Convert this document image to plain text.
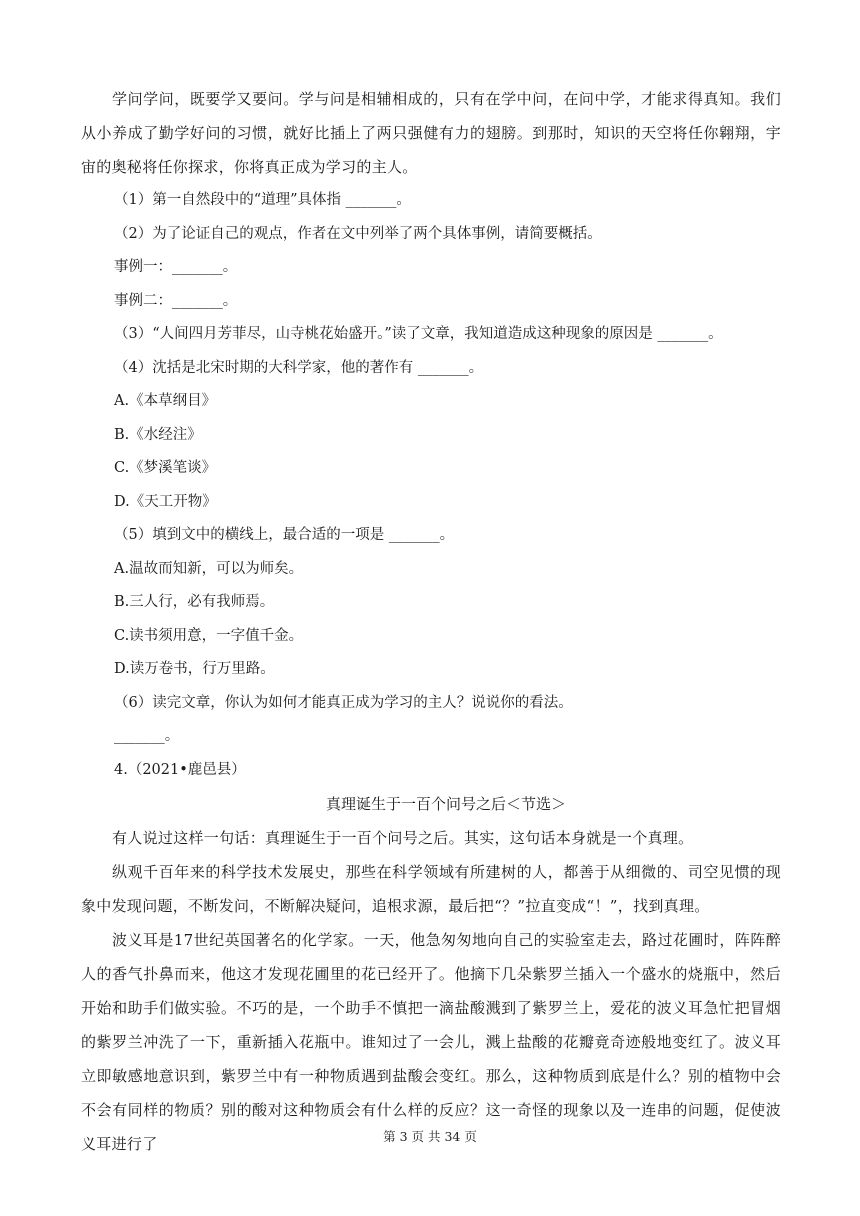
学问学问，既要学又要问。学与问是相辅相成的，只有在学中问，在问中学，才能求得真知。我们从小养成了勤学好问的习惯，就好比插上了两只强健有力的翅膀。到那时，知识的天空将任你翱翔，宇宙的奥秘将任你探求，你将真正成为学习的主人。

（1）第一自然段中的“道理”具体指 _______。

（2）为了论证自己的观点，作者在文中列举了两个具体事例，请简要概括。

事例一：_______。

事例二：_______。

（3）“人间四月芳菲尽，山寺桃花始盛开。”读了文章，我知道造成这种现象的原因是 _______。

（4）沈括是北宋时期的大科学家，他的著作有 _______。

A.《本草纲目》

B.《水经注》

C.《梦溪笔谈》

D.《天工开物》

（5）填到文中的横线上，最合适的一项是 _______。

A.温故而知新，可以为师矣。

B.三人行，必有我师焉。

C.读书须用意，一字值千金。

D.读万卷书，行万里路。

（6）读完文章，你认为如何才能真正成为学习的主人？说说你的看法。

_______。

4.（2021•鹿邑县）

真理诞生于一百个问号之后＜节选＞

有人说过这样一句话：真理诞生于一百个问号之后。其实，这句话本身就是一个真理。

纵观千百年来的科学技术发展史，那些在科学领域有所建树的人，都善于从细微的、司空见惯的现象中发现问题，不断发问，不断解决疑问，追根求源，最后把“？”拉直变成“！”，找到真理。

波义耳是17世纪英国著名的化学家。一天，他急匆匆地向自己的实验室走去，路过花圃时，阵阵醉人的香气扑鼻而来，他这才发现花圃里的花已经开了。他摘下几朵紫罗兰插入一个盛水的烧瓶中，然后开始和助手们做实验。不巧的是，一个助手不慎把一滴盐酸溅到了紫罗兰上，爱花的波义耳急忙把冒烟的紫罗兰冲洗了一下，重新插入花瓶中。谁知过了一会儿，溅上盐酸的花瓣竟奇迹般地变红了。波义耳立即敏感地意识到，紫罗兰中有一种物质遇到盐酸会变红。那么，这种物质到底是什么？别的植物中会不会有同样的物质？别的酸对这种物质会有什么样的反应？这一奇怪的现象以及一连串的问题，促使波义耳进行了	第 3 页 共 34 页
